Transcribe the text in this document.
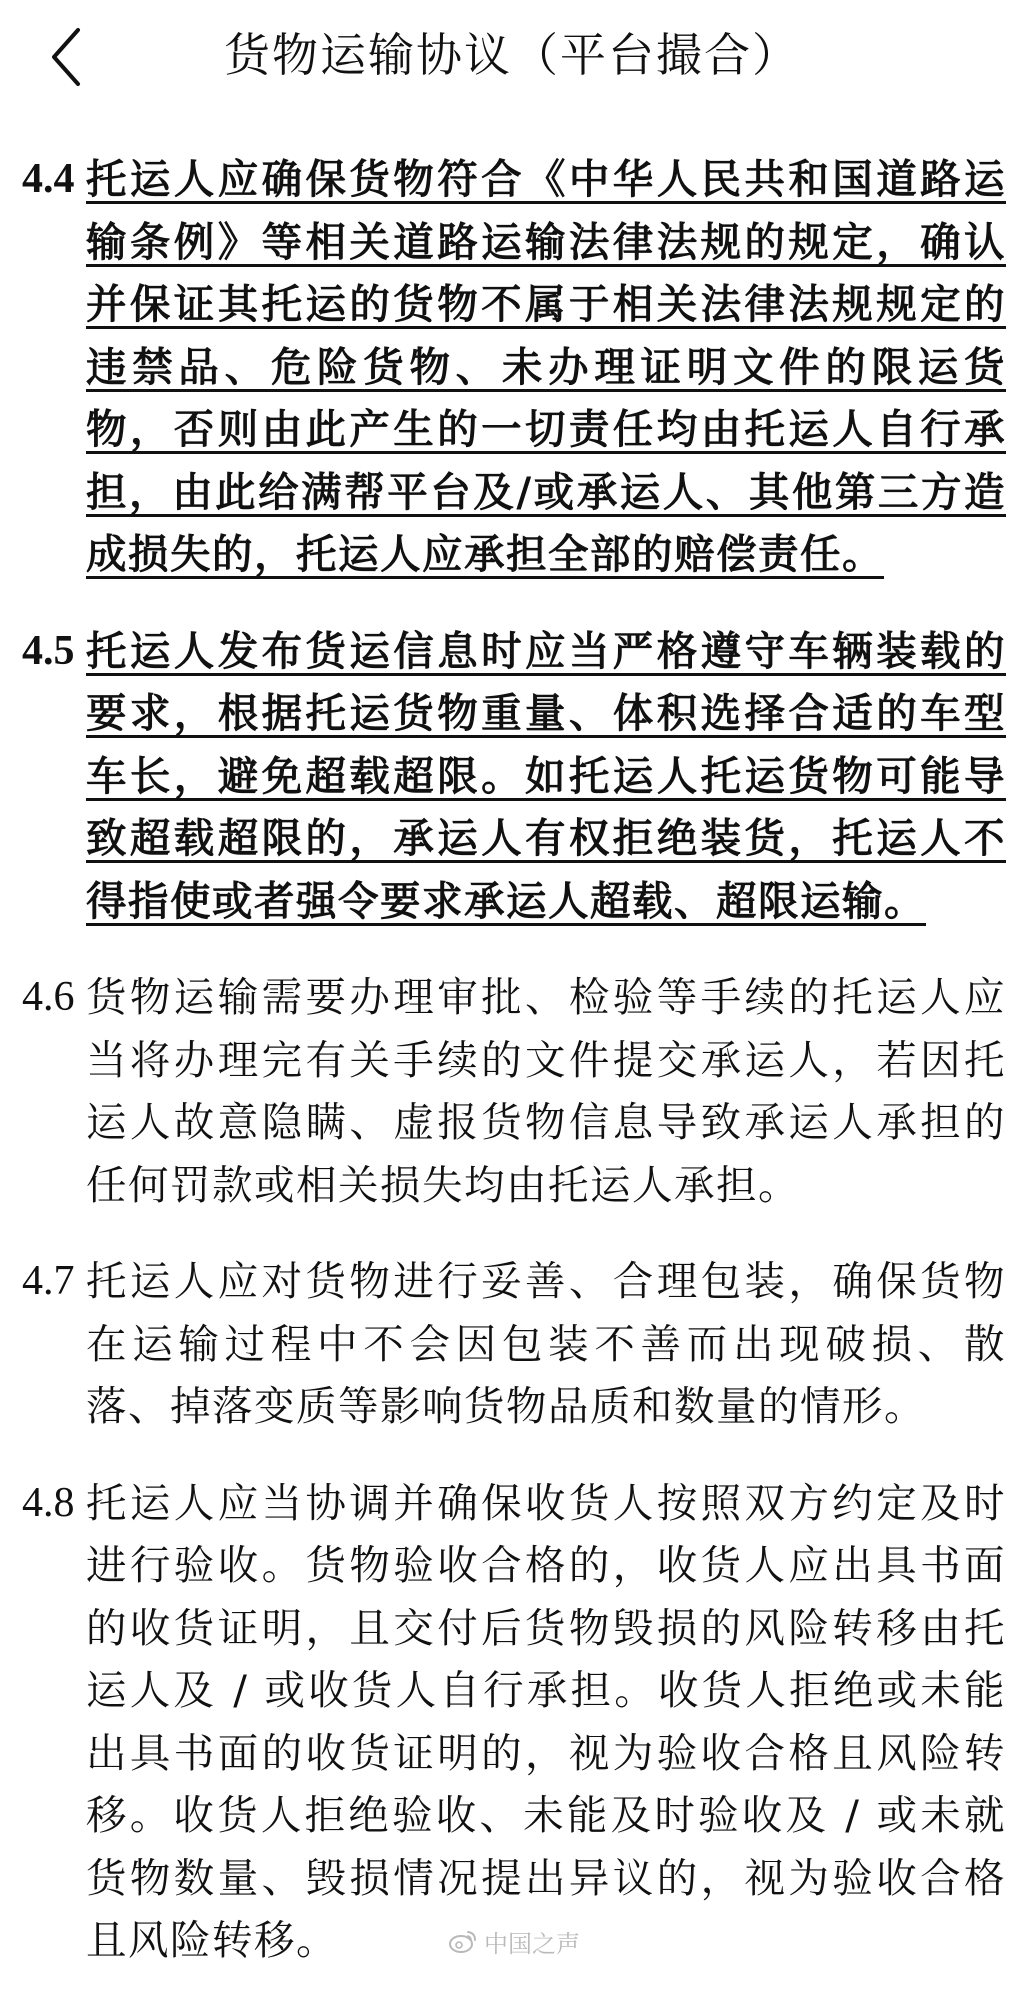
货物运输协议（平台撮合）
4.4 托运人应确保货物符合《中华人民共和国道路运输条例》等相关道路运输法律法规的规定，确认并保证其托运的货物不属于相关法律法规规定的违禁品、危险货物、未办理证明文件的限运货物，否则由此产生的一切责任均由托运人自行承担，由此给满帮平台及/或承运人、其他第三方造成损失的，托运人应承担全部的赔偿责任。
4.5 托运人发布货运信息时应当严格遵守车辆装载的要求，根据托运货物重量、体积选择合适的车型车长，避免超载超限。如托运人托运货物可能导致超载超限的，承运人有权拒绝装货，托运人不得指使或者强令要求承运人超载、超限运输。
4.6 货物运输需要办理审批、检验等手续的托运人应当将办理完有关手续的文件提交承运人，若因托运人故意隐瞒、虚报货物信息导致承运人承担的任何罚款或相关损失均由托运人承担。
4.7 托运人应对货物进行妥善、合理包装，确保货物在运输过程中不会因包装不善而出现破损、散落、掉落变质等影响货物品质和数量的情形。
4.8 托运人应当协调并确保收货人按照双方约定及时进行验收。货物验收合格的，收货人应出具书面的收货证明，且交付后货物毁损的风险转移由托运人及 / 或收货人自行承担。收货人拒绝或未能出具书面的收货证明的，视为验收合格且风险转移。收货人拒绝验收、未能及时验收及 / 或未就货物数量、毁损情况提出异议的，视为验收合格且风险转移。	中国之声
